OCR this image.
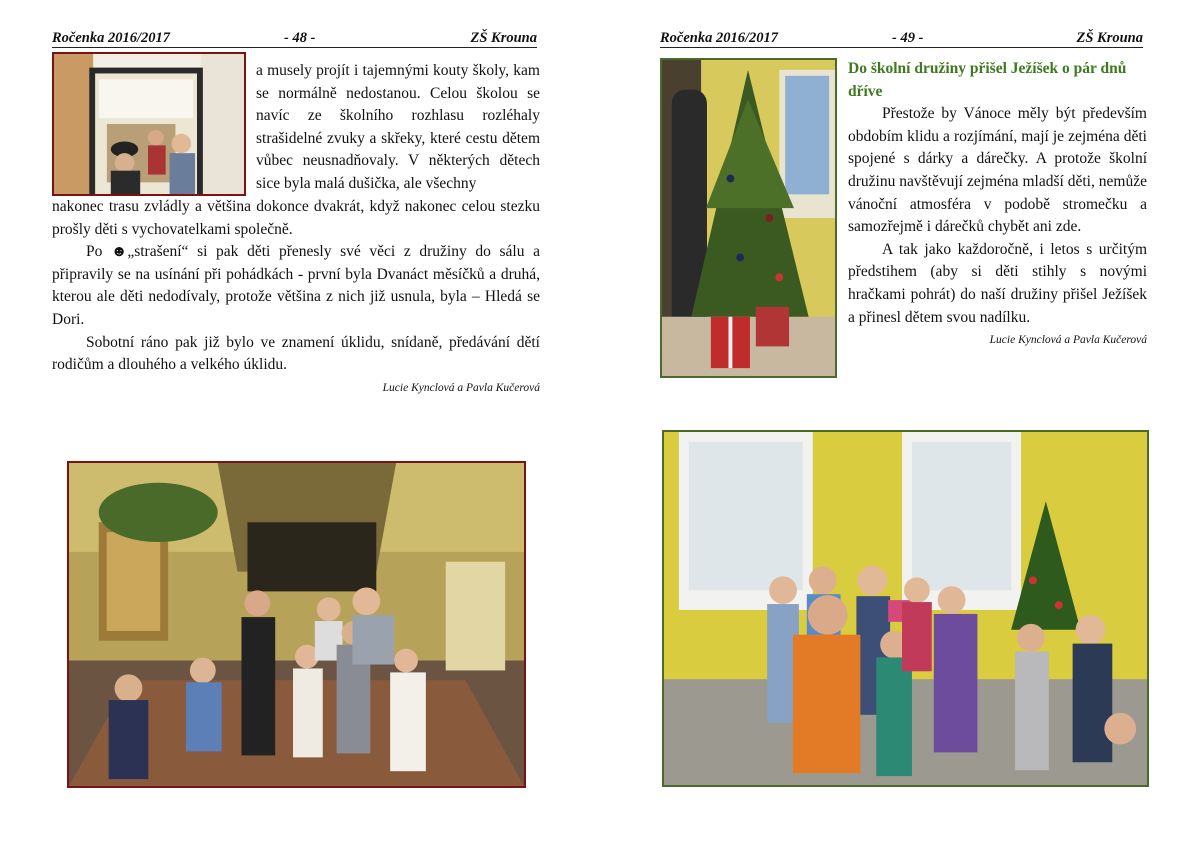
Ročenka 2016/2017	- 48 -	ZŠ Krouna
a musely projít i tajemnými kouty školy, kam se normálně nedostanou. Celou školou se navíc ze školního rozhlasu rozléhaly strašidelné zvuky a skřeky, které cestu dětem vůbec neusnadňovaly. V některých dětech sice byla malá dušička, ale všechny

nakonec trasu zvládly a většina dokonce dvakrát, když nakonec celou stezku prošly děti s vychovatelkami společně.

Po ☻„strašení“ si pak děti přenesly své věci z družiny do sálu a připravily se na usínání při pohádkách - první byla Dvanáct měsíčků a druhá, kterou ale děti nedodívaly, protože většina z nich již usnula, byla – Hledá se Dori.

Sobotní ráno pak již bylo ve znamení úklidu, snídaně, předávání dětí rodičům a dlouhého a velkého úklidu.

Lucie Kynclová a Pavla Kučerová

Ročenka 2016/2017	- 49 -	ZŠ Krouna
Do školní družiny přišel Ježíšek o pár dnů dříve

Přestože by Vánoce měly být především obdobím klidu a rozjímání, mají je zejména děti spojené s dárky a dárečky. A protože školní družinu navštěvují zejména mladší děti, nemůže vánoční atmosféra v podobě stromečku a samozřejmě i dárečků chybět ani zde.

A tak jako každoročně, i letos s určitým předstihem (aby si děti stihly s novými hračkami pohrát) do naší družiny přišel Ježíšek a přinesl dětem svou nadílku.

Lucie Kynclová a Pavla Kučerová
